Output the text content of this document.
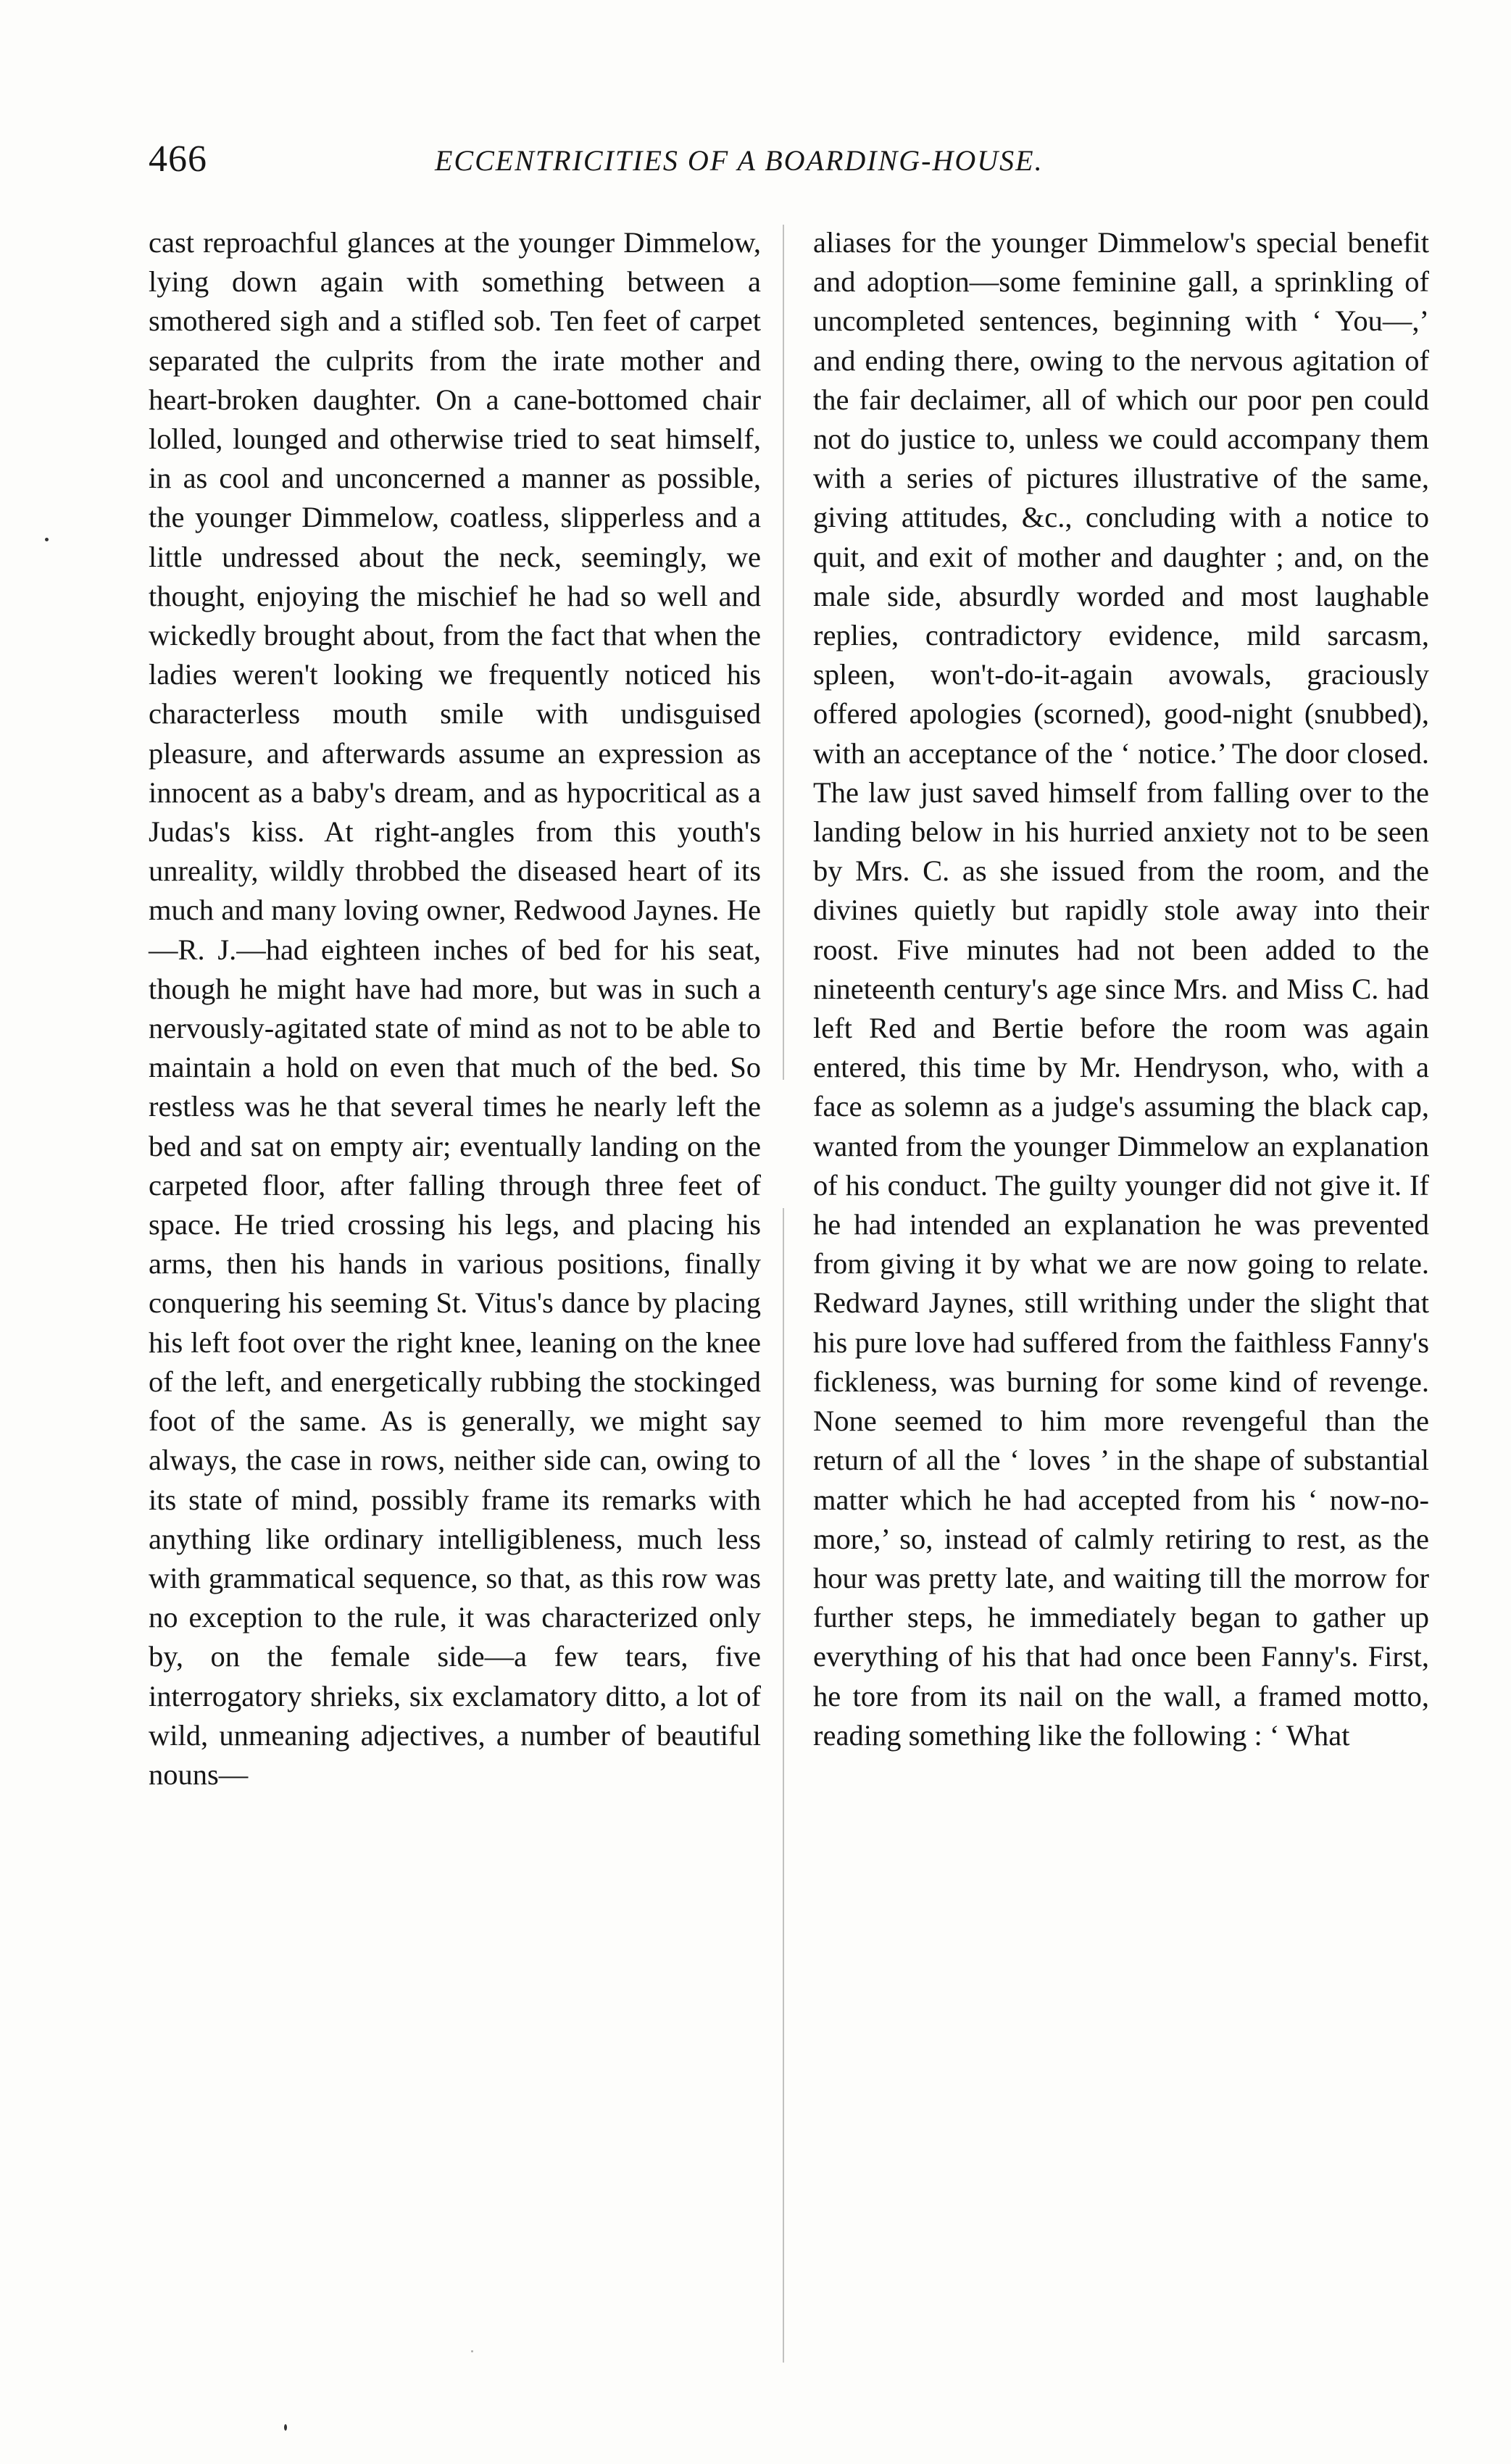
466	ECCENTRICITIES OF A BOARDING-HOUSE.

cast reproachful glances at the younger Dimmelow, lying down again with something between a smothered sigh and a stifled sob. Ten feet of carpet separated the culprits from the irate mother and heart-broken daughter. On a cane-bottomed chair lolled, lounged and otherwise tried to seat himself, in as cool and unconcerned a manner as possible, the younger Dimmelow, coatless, slipperless and a little undressed about the neck, seemingly, we thought, enjoying the mischief he had so well and wickedly brought about, from the fact that when the ladies weren't looking we frequently noticed his characterless mouth smile with undisguised pleasure, and afterwards assume an expression as innocent as a baby's dream, and as hypocritical as a Judas's kiss. At right-angles from this youth's unreality, wildly throbbed the diseased heart of its much and many loving owner, Redwood Jaynes. He—R. J.—had eighteen inches of bed for his seat, though he might have had more, but was in such a nervously-agitated state of mind as not to be able to maintain a hold on even that much of the bed. So restless was he that several times he nearly left the bed and sat on empty air; eventually landing on the carpeted floor, after falling through three feet of space. He tried crossing his legs, and placing his arms, then his hands in various positions, finally conquering his seeming St. Vitus's dance by placing his left foot over the right knee, leaning on the knee of the left, and energetically rubbing the stockinged foot of the same. As is generally, we might say always, the case in rows, neither side can, owing to its state of mind, possibly frame its remarks with anything like ordinary intelligibleness, much less with grammatical sequence, so that, as this row was no exception to the rule, it was characterized only by, on the female side—a few tears, five interrogatory shrieks, six exclamatory ditto, a lot of wild, unmeaning adjectives, a number of beautiful nouns—

aliases for the younger Dimmelow's special benefit and adoption—some feminine gall, a sprinkling of uncompleted sentences, beginning with ‘ You—,’ and ending there, owing to the nervous agitation of the fair declaimer, all of which our poor pen could not do justice to, unless we could accompany them with a series of pictures illustrative of the same, giving attitudes, &c., concluding with a notice to quit, and exit of mother and daughter ; and, on the male side, absurdly worded and most laughable replies, contradictory evidence, mild sarcasm, spleen, won't-do-it-again avowals, graciously offered apologies (scorned), good-night (snubbed), with an acceptance of the ‘ notice.’ The door closed. The law just saved himself from falling over to the landing below in his hurried anxiety not to be seen by Mrs. C. as she issued from the room, and the divines quietly but rapidly stole away into their roost. Five minutes had not been added to the nineteenth century's age since Mrs. and Miss C. had left Red and Bertie before the room was again entered, this time by Mr. Hendryson, who, with a face as solemn as a judge's assuming the black cap, wanted from the younger Dimmelow an explanation of his conduct. The guilty younger did not give it. If he had intended an explanation he was prevented from giving it by what we are now going to relate. Redward Jaynes, still writhing under the slight that his pure love had suffered from the faithless Fanny's fickleness, was burning for some kind of revenge. None seemed to him more revengeful than the return of all the ‘ loves ’ in the shape of substantial matter which he had accepted from his ‘ now-no-more,’ so, instead of calmly retiring to rest, as the hour was pretty late, and waiting till the morrow for further steps, he immediately began to gather up everything of his that had once been Fanny's. First, he tore from its nail on the wall, a framed motto, reading something like the following : ‘ What
